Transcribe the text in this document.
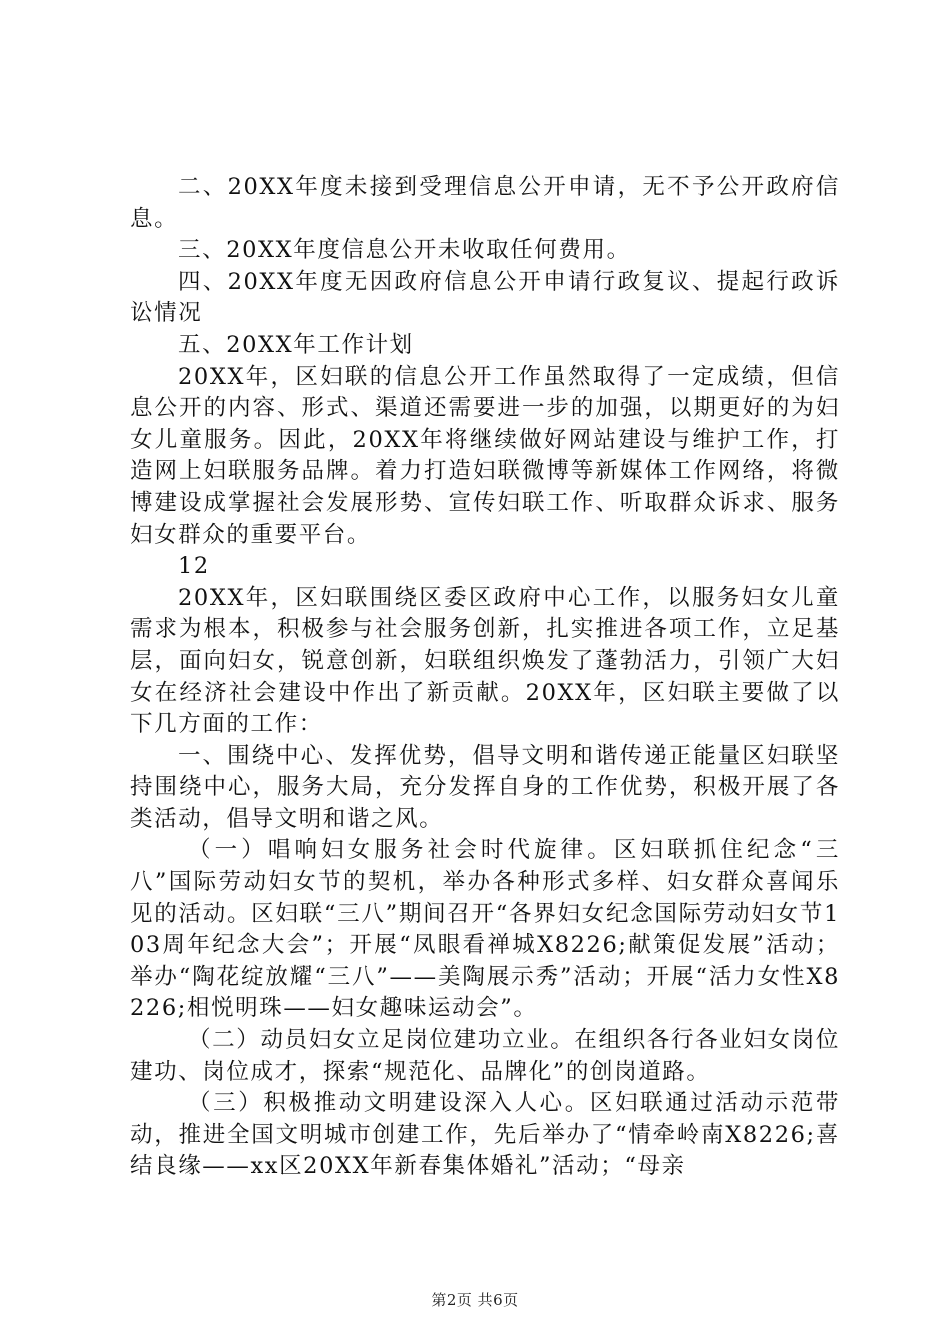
二、20XX年度未接到受理信息公开申请，无不予公开政府信息。

三、20XX年度信息公开未收取任何费用。

四、20XX年度无因政府信息公开申请行政复议、提起行政诉讼情况

五、20XX年工作计划

20XX年，区妇联的信息公开工作虽然取得了一定成绩，但信息公开的内容、形式、渠道还需要进一步的加强，以期更好的为妇女儿童服务。因此，20XX年将继续做好网站建设与维护工作，打造网上妇联服务品牌。着力打造妇联微博等新媒体工作网络，将微博建设成掌握社会发展形势、宣传妇联工作、听取群众诉求、服务妇女群众的重要平台。

12

20XX年，区妇联围绕区委区政府中心工作，以服务妇女儿童需求为根本，积极参与社会服务创新，扎实推进各项工作，立足基层，面向妇女，锐意创新，妇联组织焕发了蓬勃活力，引领广大妇女在经济社会建设中作出了新贡献。20XX年，区妇联主要做了以下几方面的工作：

一、围绕中心、发挥优势，倡导文明和谐传递正能量区妇联坚持围绕中心，服务大局，充分发挥自身的工作优势，积极开展了各类活动，倡导文明和谐之风。

（一）唱响妇女服务社会时代旋律。区妇联抓住纪念“三八”国际劳动妇女节的契机，举办各种形式多样、妇女群众喜闻乐见的活动。区妇联“三八”期间召开“各界妇女纪念国际劳动妇女节103周年纪念大会”；开展“凤眼看禅城X8226;献策促发展”活动；举办“陶花绽放耀“三八”——美陶展示秀”活动；开展“活力女性X8226;相悦明珠——妇女趣味运动会”。

（二）动员妇女立足岗位建功立业。在组织各行各业妇女岗位建功、岗位成才，探索“规范化、品牌化”的创岗道路。

（三）积极推动文明建设深入人心。区妇联通过活动示范带动，推进全国文明城市创建工作，先后举办了“情牵岭南X8226;喜结良缘——xx区20XX年新春集体婚礼”活动；“母亲

第2页 共6页
